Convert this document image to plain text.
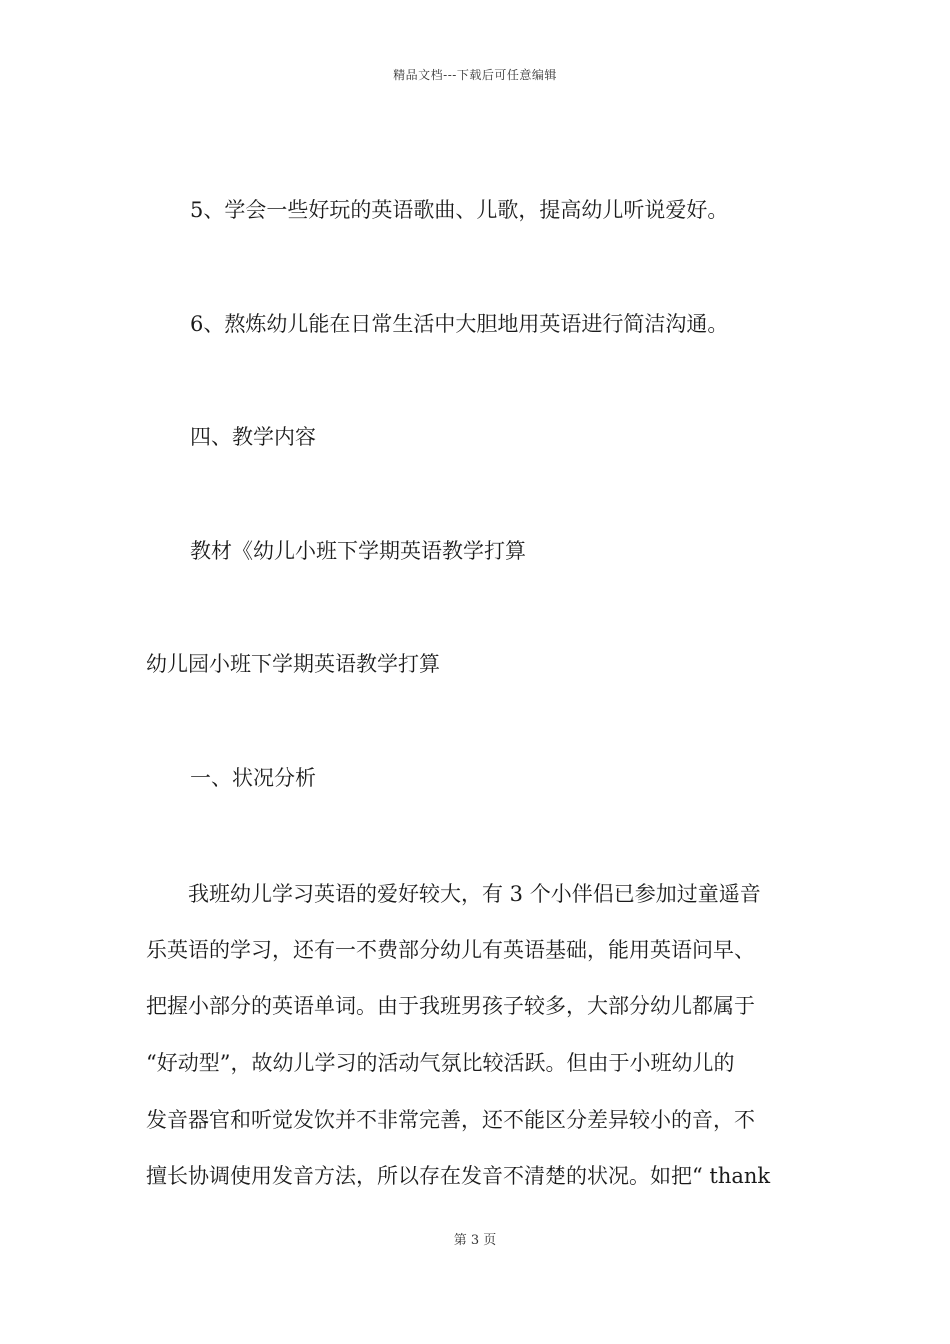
精品文档---下载后可任意编辑
5、学会一些好玩的英语歌曲、儿歌，提高幼儿听说爱好。
6、熬炼幼儿能在日常生活中大胆地用英语进行简洁沟通。
四、教学内容
教材《幼儿小班下学期英语教学打算
幼儿园小班下学期英语教学打算
一、状况分析
　　我班幼儿学习英语的爱好较大，有 3 个小伴侣已参加过童遥音
乐英语的学习，还有一不费部分幼儿有英语基础，能用英语问早、
把握小部分的英语单词。由于我班男孩子较多，大部分幼儿都属于
“好动型”，故幼儿学习的活动气氛比较活跃。但由于小班幼儿的
发音器官和听觉发饮并不非常完善，还不能区分差异较小的音，不
擅长协调使用发音方法，所以存在发音不清楚的状况。如把“ thank
第 3 页
